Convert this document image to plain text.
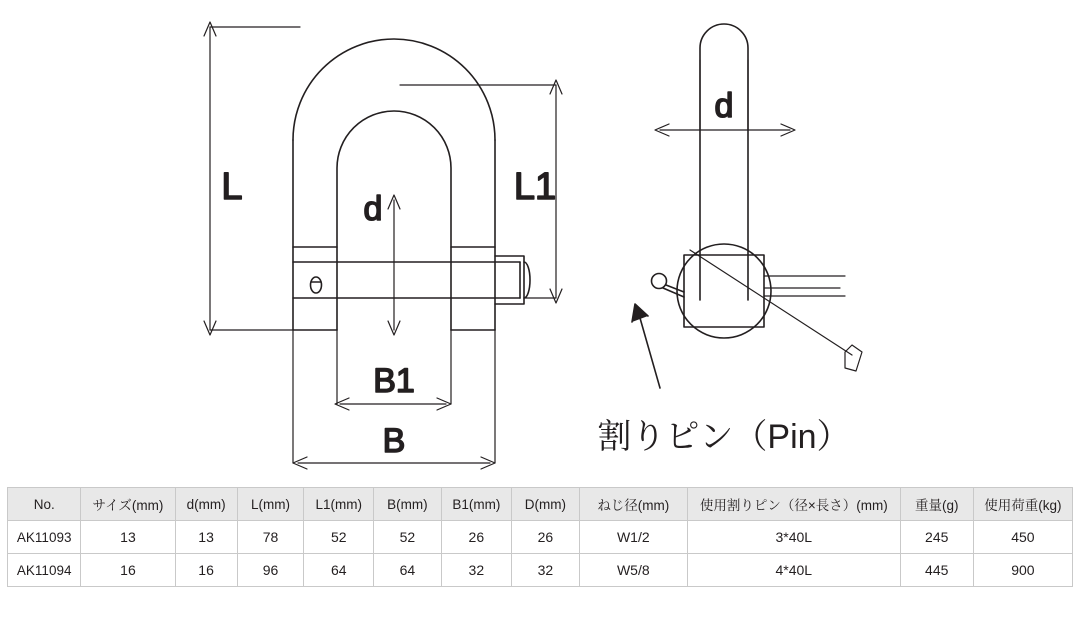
L	L1
d
B1
B
d
割りピン（Pin）
No.	サイズ(mm)	d(mm)	L(mm)	L1(mm)	B(mm)	B1(mm)	D(mm)	ねじ径(mm)	使用割りピン（径×長さ）(mm)	重量(g)	使用荷重(kg)
AK11093	13	13	78	52	52	26	26	W1/2	3*40L	245	450
AK11094	16	16	96	64	64	32	32	W5/8	4*40L	445	900
